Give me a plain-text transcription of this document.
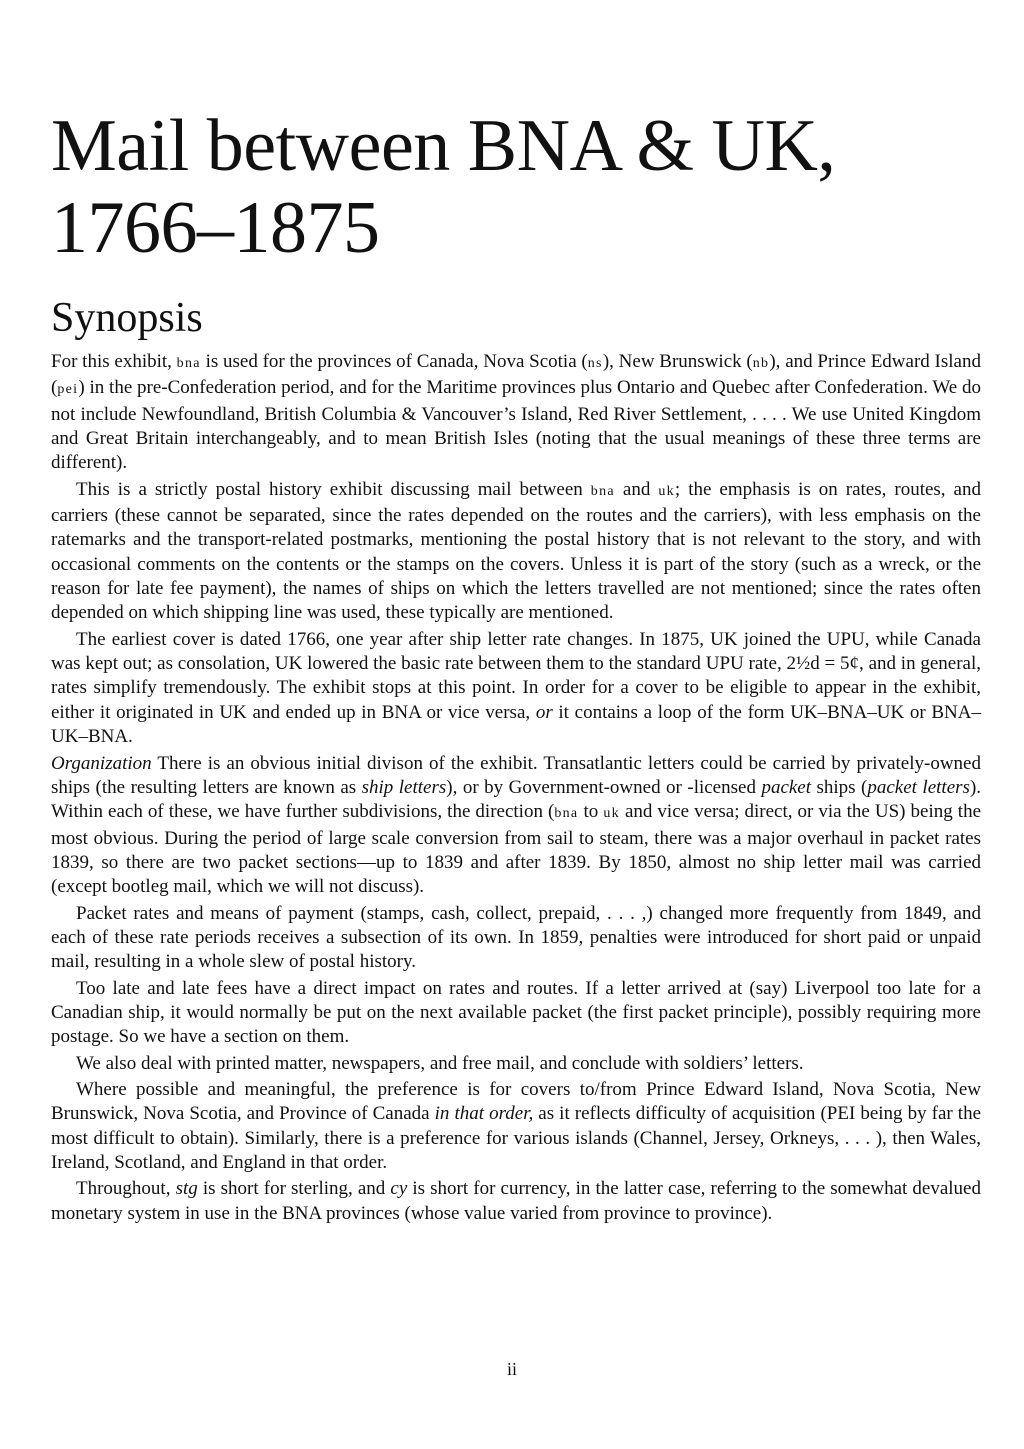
Mail between BNA & UK,
1766–1875
Synopsis

For this exhibit, bna is used for the provinces of Canada, Nova Scotia (ns), New Brunswick (nb), and Prince Edward Island (pei) in the pre-Confederation period, and for the Maritime provinces plus Ontario and Quebec after Confederation. We do not include Newfoundland, British Columbia & Vancouver’s Island, Red River Settlement, . . . . We use United Kingdom and Great Britain interchangeably, and to mean British Isles (noting that the usual meanings of these three terms are different).

This is a strictly postal history exhibit discussing mail between bna and uk; the emphasis is on rates, routes, and carriers (these cannot be separated, since the rates depended on the routes and the carriers), with less emphasis on the ratemarks and the transport-related postmarks, mentioning the postal history that is not relevant to the story, and with occasional comments on the contents or the stamps on the covers. Unless it is part of the story (such as a wreck, or the reason for late fee payment), the names of ships on which the letters travelled are not mentioned; since the rates often depended on which shipping line was used, these typically are mentioned.

The earliest cover is dated 1766, one year after ship letter rate changes. In 1875, UK joined the UPU, while Canada was kept out; as consolation, UK lowered the basic rate between them to the standard UPU rate, 2½d = 5¢, and in general, rates simplify tremendously. The exhibit stops at this point. In order for a cover to be eligible to appear in the exhibit, either it originated in UK and ended up in BNA or vice versa, or it contains a loop of the form UK–BNA–UK or BNA–UK–BNA.

Organization There is an obvious initial divison of the exhibit. Transatlantic letters could be carried by privately-owned ships (the resulting letters are known as ship letters), or by Government-owned or -licensed packet ships (packet letters). Within each of these, we have further subdivisions, the direction (bna to uk and vice versa; direct, or via the US) being the most obvious. During the period of large scale conversion from sail to steam, there was a major overhaul in packet rates 1839, so there are two packet sections—up to 1839 and after 1839. By 1850, almost no ship letter mail was carried (except bootleg mail, which we will not discuss).

Packet rates and means of payment (stamps, cash, collect, prepaid, . . . ,) changed more frequently from 1849, and each of these rate periods receives a subsection of its own. In 1859, penalties were introduced for short paid or unpaid mail, resulting in a whole slew of postal history.

Too late and late fees have a direct impact on rates and routes. If a letter arrived at (say) Liverpool too late for a Canadian ship, it would normally be put on the next available packet (the first packet principle), possibly requiring more postage. So we have a section on them.

We also deal with printed matter, newspapers, and free mail, and conclude with soldiers’ letters.

Where possible and meaningful, the preference is for covers to/from Prince Edward Island, Nova Scotia, New Brunswick, Nova Scotia, and Province of Canada in that order, as it reflects difficulty of acquisition (PEI being by far the most difficult to obtain). Similarly, there is a preference for various islands (Channel, Jersey, Orkneys, . . . ), then Wales, Ireland, Scotland, and England in that order.

Throughout, stg is short for sterling, and cy is short for currency, in the latter case, referring to the somewhat devalued monetary system in use in the BNA provinces (whose value varied from province to province).

ii
